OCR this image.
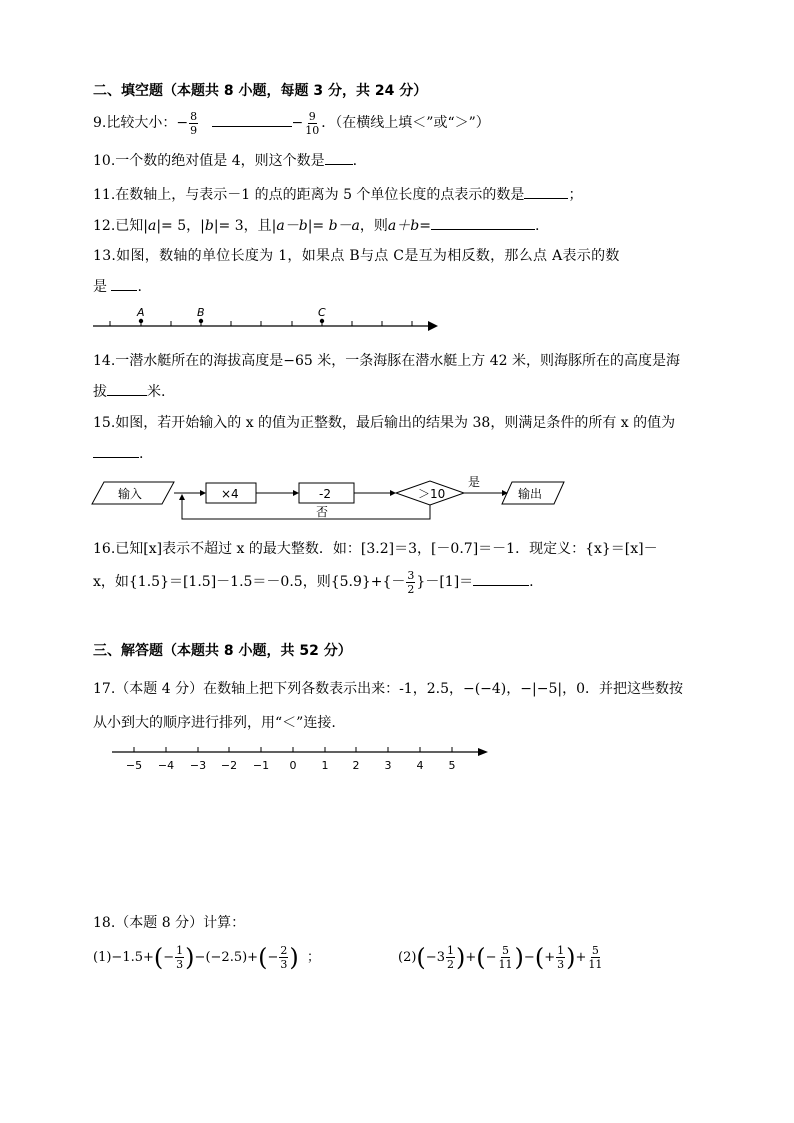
二、填空题（本题共 8 小题，每题 3 分，共 24 分）
9.比较大小：− $\frac{8}{9}$	− $\frac{9}{10}$ ．（在横线上填＜”或“＞”）
10.一个数的绝对值是 4，则这个数是 .
11.在数轴上，与表示－1 的点的距离为 5 个单位长度的点表示的数是	；
12.已知|a|= 5，|b|= 3，且|a－b|= b－a，则a＋b=	.
13.如图，数轴的单位长度为 1，如果点 B与点 C是互为相反数，那么点 A表示的数
是 .
A	B	C
14.一潜水艇所在的海拔高度是−65 米，一条海豚在潜水艇上方 42 米，则海豚所在的高度是海
拔	米.
15.如图，若开始输入的 x 的值为正整数，最后输出的结果为 38，则满足条件的所有 x 的值为
.
输入	×4	-2	＞10
是
输出
否
16.已知[x]表示不超过 x 的最大整数．如：[3.2]＝3，[－0.7]＝－1．现定义：{x}＝[x]－
x，如{1.5}＝[1.5]－1.5＝－0.5，则$\{5.9\}+\{- \frac{3}{2} \}-[1]=$	.
三、解答题（本题共 8 小题，共 52 分）
17.（本题 4 分）在数轴上把下列各数表示出来：-1，2.5，−(−4)，−|−5|，0．并把这些数按
从小到大的顺序进行排列，用“＜”连接.
−5 −4 −3 −2 −1 0 1 2 3 4 5
18.（本题 8 分）计算：
$(1)-1.5+(- \frac{1}{3} )-(-2.5)+(- \frac{2}{3}$ ) ；	$(2)(-3 \frac{1}{2}$ )+(− $\frac{5}{11}$ )−(+ $\frac{1}{3}$ )+ $\frac{5}{11}$
